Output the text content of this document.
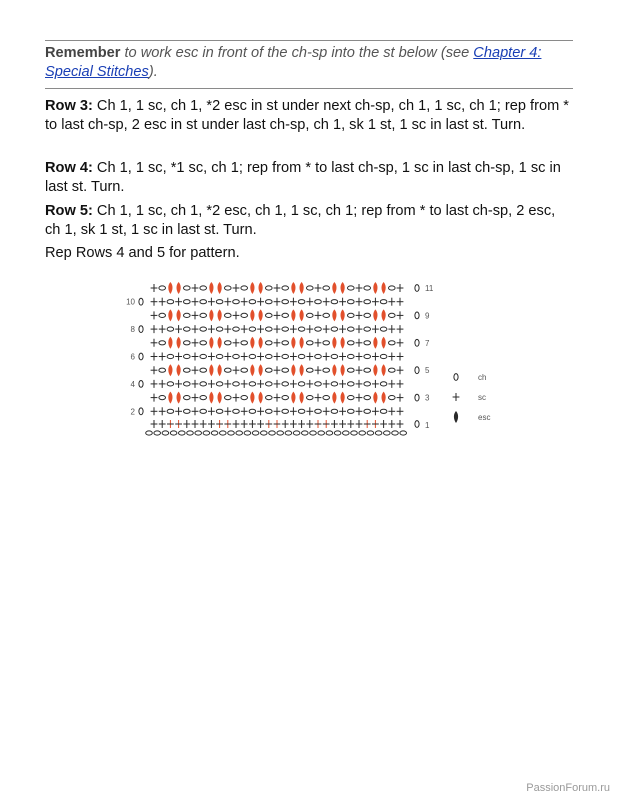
Remember to work esc in front of the ch-sp into the st below (see Chapter 4: Special Stitches).
Row 3: Ch 1, 1 sc, ch 1, *2 esc in st under next ch-sp, ch 1, 1 sc, ch 1; rep from * to last ch-sp, 2 esc in st under last ch-sp, ch 1, sk 1 st, 1 sc in last st. Turn.
Row 4: Ch 1, 1 sc, *1 sc, ch 1; rep from * to last ch-sp, 1 sc in last ch-sp, 1 sc in last st. Turn.
Row 5: Ch 1, 1 sc, ch 1, *2 esc, ch 1, 1 sc, ch 1; rep from * to last ch-sp, 2 esc, ch 1, sk 1 st, 1 sc in last st. Turn.
Rep Rows 4 and 5 for pattern.
1
3
5
7
9
11
2
4
6
8
10
ch
sc
esc
PassionForum.ru
